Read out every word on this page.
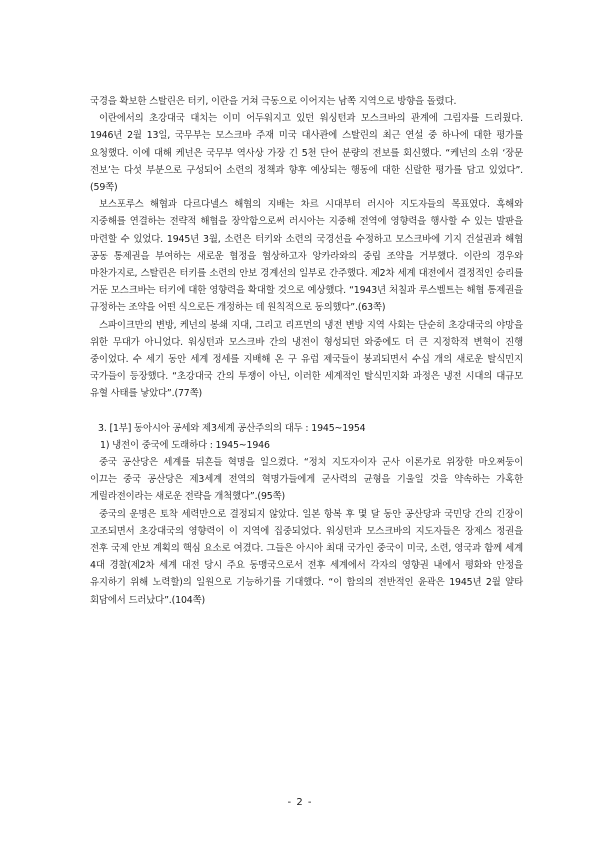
국경을 확보한 스탈린은 터키, 이란을 거쳐 극동으로 이어지는 남쪽 지역으로 방향을 돌렸다.

이란에서의 초강대국 대치는 이미 어두워지고 있던 워싱턴과 모스크바의 관계에 그림자를 드리웠다. 1946년 2월 13일, 국무부는 모스크바 주재 미국 대사관에 스탈린의 최근 연설 중 하나에 대한 평가를 요청했다. 이에 대해 케넌은 국무부 역사상 가장 긴 5천 단어 분량의 전보를 회신했다. “케넌의 소위 ‘장문 전보’는 다섯 부분으로 구성되어 소련의 정책과 향후 예상되는 행동에 대한 신랄한 평가를 담고 있었다”.(59쪽)

보스포루스 해협과 다르다넬스 해협의 지배는 차르 시대부터 러시아 지도자들의 목표였다. 흑해와 지중해를 연결하는 전략적 해협을 장악함으로써 러시아는 지중해 전역에 영향력을 행사할 수 있는 발판을 마련할 수 있었다. 1945년 3월, 소련은 터키와 소련의 국경선을 수정하고 모스크바에 기지 건설권과 해협 공동 통제권을 부여하는 새로운 협정을 협상하고자 앙카라와의 중립 조약을 거부했다. 이란의 경우와 마찬가지로, 스탈린은 터키를 소련의 안보 경계선의 일부로 간주했다. 제2차 세계 대전에서 결정적인 승리를 거둔 모스크바는 터키에 대한 영향력을 확대할 것으로 예상했다. “1943년 처칠과 루스벨트는 해협 통제권을 규정하는 조약을 어떤 식으로든 개정하는 데 원칙적으로 동의했다”.(63쪽)

스파이크만의 변방, 케넌의 봉쇄 지대, 그리고 리프먼의 냉전 변방 지역 사회는 단순히 초강대국의 야망을 위한 무대가 아니었다. 워싱턴과 모스크바 간의 냉전이 형성되던 와중에도 더 큰 지정학적 변혁이 진행 중이었다. 수 세기 동안 세계 정세를 지배해 온 구 유럽 제국들이 붕괴되면서 수십 개의 새로운 탈식민지 국가들이 등장했다. “초강대국 간의 투쟁이 아닌, 이러한 세계적인 탈식민지화 과정은 냉전 시대의 대규모 유혈 사태를 낳았다”.(77쪽)

3. [1부] 동아시아 공세와 제3세계 공산주의의 대두 : 1945~1954

1) 냉전이 중국에 도래하다 : 1945~1946

중국 공산당은 세계를 뒤흔들 혁명을 일으켰다. “정치 지도자이자 군사 이론가로 위장한 마오쩌둥이 이끄는 중국 공산당은 제3세계 전역의 혁명가들에게 군사력의 균형을 기울일 것을 약속하는 가혹한 게릴라전이라는 새로운 전략을 개척했다”.(95쪽)

중국의 운명은 토착 세력만으로 결정되지 않았다. 일본 항복 후 몇 달 동안 공산당과 국민당 간의 긴장이 고조되면서 초강대국의 영향력이 이 지역에 집중되었다. 워싱턴과 모스크바의 지도자들은 장제스 정권을 전후 국제 안보 계획의 핵심 요소로 여겼다. 그들은 아시아 최대 국가인 중국이 미국, 소련, 영국과 함께 세계 4대 경찰(제2차 세계 대전 당시 주요 동맹국으로서 전후 세계에서 각자의 영향권 내에서 평화와 안정을 유지하기 위해 노력할)의 일원으로 기능하기를 기대했다. “이 합의의 전반적인 윤곽은 1945년 2월 얄타 회담에서 드러났다”.(104쪽)

- 2 -
